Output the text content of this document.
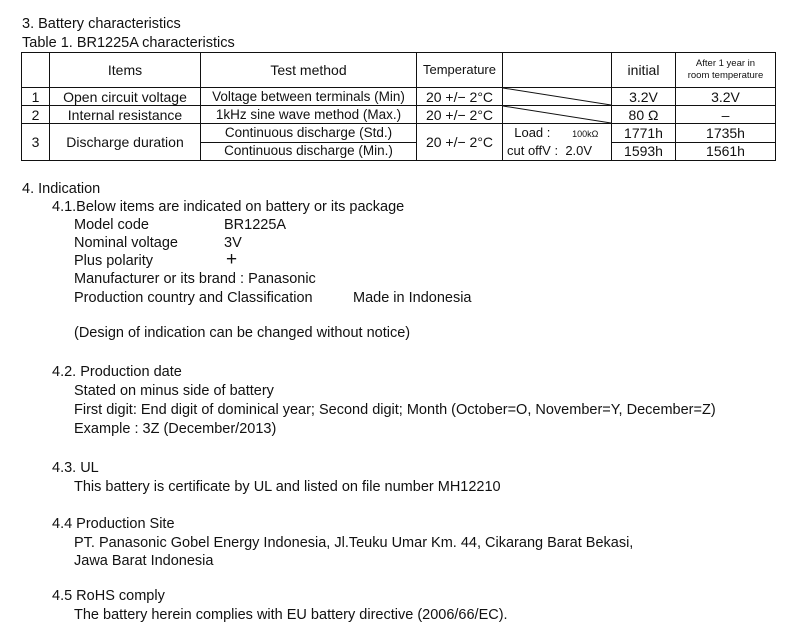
3. Battery characteristics
Table 1. BR1225A characteristics
	Items	Test method	Temperature		initial	After 1 year in
room temperature

1	Open circuit voltage	Voltage between terminals (Min)	20 +/− 2°C		3.2V	3.2V
2	Internal resistance	1kHz sine wave method (Max.)	20 +/− 2°C		80 Ω	–
3	Discharge duration	Continuous discharge (Std.)	20 +/− 2°C	Load : 100kΩ
cut offV : 2.0V	1771h	1735h
		Continuous discharge (Min.)			1593h	1561h
4. Indication
4.1.Below items are indicated on battery or its package
Model code	BR1225A
Nominal voltage	3V
Plus polarity	+
Manufacturer or its brand : Panasonic
Production country and Classification	Made in Indonesia
(Design of indication can be changed without notice)
4.2. Production date
Stated on minus side of battery
First digit: End digit of dominical year; Second digit; Month (October=O, November=Y, December=Z)
Example : 3Z (December/2013)
4.3. UL
This battery is certificate by UL and listed on file number MH12210
4.4 Production Site
PT. Panasonic Gobel Energy Indonesia, Jl.Teuku Umar Km. 44, Cikarang Barat Bekasi,
Jawa Barat Indonesia
4.5 RoHS comply
The battery herein complies with EU battery directive (2006/66/EC).
